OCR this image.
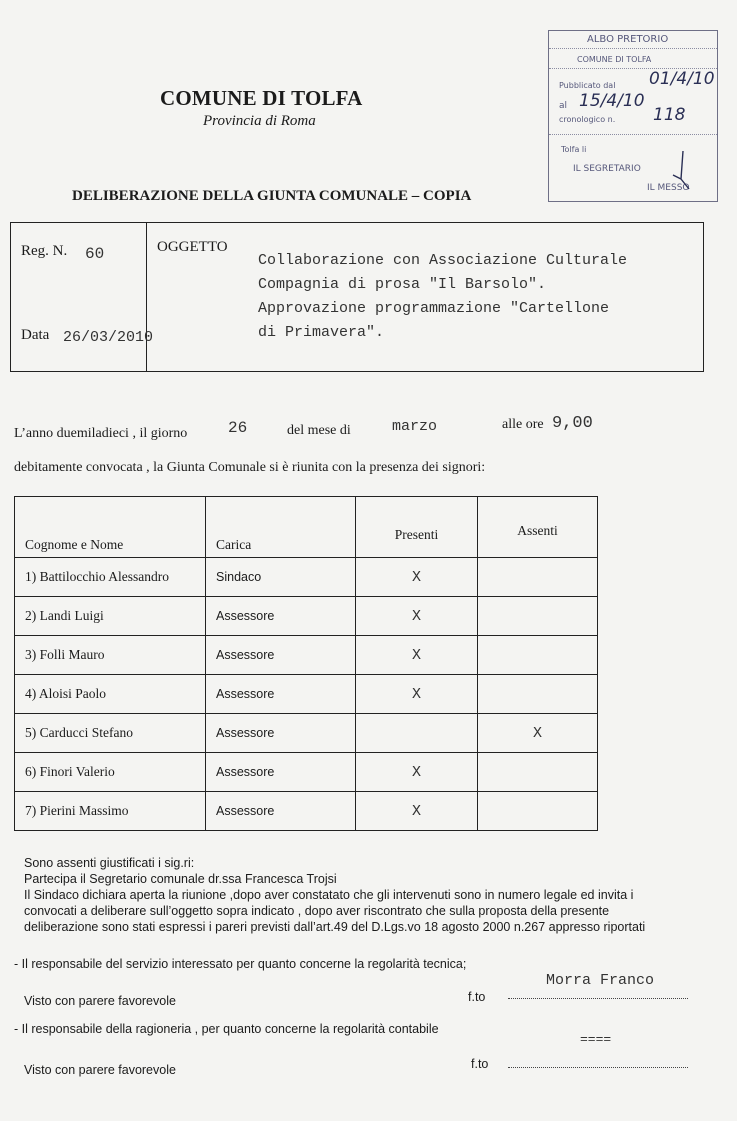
ALBO PRETORIO
COMUNE DI TOLFA
Pubblicato dal 01/4/10
al 15/4/10
cronologico n. 118
Tolfa li
IL SEGRETARIO
IL MESSO
COMUNE DI TOLFA
Provincia di Roma
DELIBERAZIONE DELLA GIUNTA COMUNALE – COPIA
Reg. N. 60	OGGETTO
Collaborazione con Associazione Culturale
Compagnia di prosa "Il Barsolo".
Approvazione programmazione "Cartellone
di Primavera".
Data 26/03/2010
L’anno duemiladieci , il giorno	26	del mese di	marzo	alle ore 9,00
debitamente convocata , la Giunta Comunale si è riunita con la presenza dei signori:
Cognome e Nome	Carica	Presenti	Assenti
1) Battilocchio Alessandro	Sindaco	X	
2) Landi Luigi	Assessore	X	
3) Folli Mauro	Assessore	X	
4) Aloisi Paolo	Assessore	X	
5) Carducci Stefano	Assessore		X
6) Finori Valerio	Assessore	X	
7) Pierini Massimo	Assessore	X	
Sono assenti giustificati i sig.ri:
Partecipa il Segretario comunale dr.ssa Francesca Trojsi
Il Sindaco dichiara aperta la riunione ,dopo aver constatato che gli intervenuti sono in numero legale ed invita i
convocati a deliberare sull’oggetto sopra indicato , dopo aver riscontrato che sulla proposta della presente
deliberazione sono stati espressi i pareri previsti dall’art.49 del D.Lgs.vo 18 agosto 2000 n.267 appresso riportati
- Il responsabile del servizio interessato per quanto concerne la regolarità tecnica;
Visto con parere favorevole	f.to
Morra Franco
- Il responsabile della ragioneria , per quanto concerne la regolarità contabile
====
Visto con parere favorevole	f.to
